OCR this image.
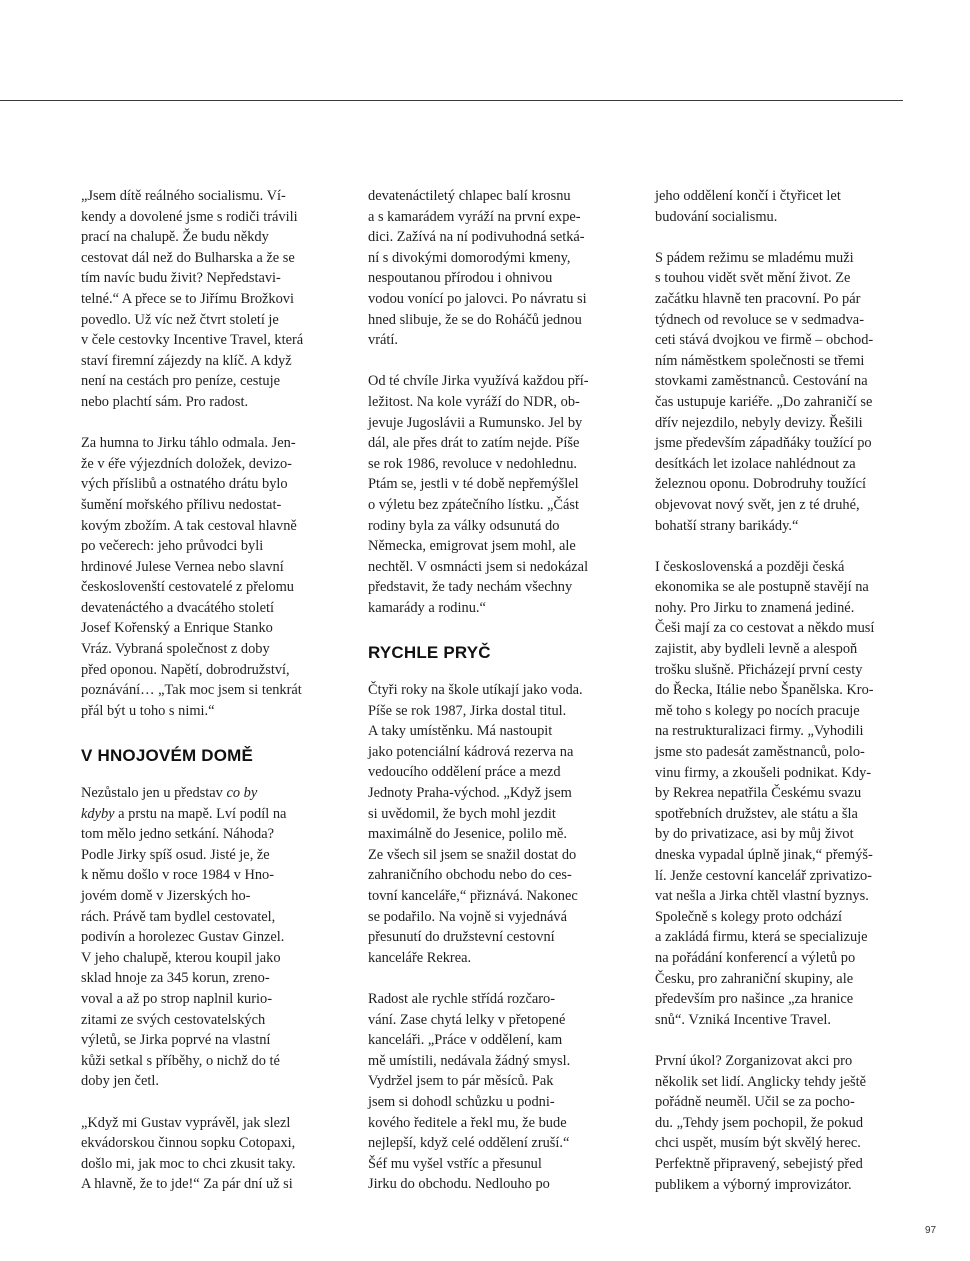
„Jsem dítě reálného socialismu. Ví-
kendy a dovolené jsme s rodiči trávili
prací na chalupě. Že budu někdy
cestovat dál než do Bulharska a že se
tím navíc budu živit? Nepředstavi-
telné.“ A přece se to Jiřímu Brožkovi
povedlo. Už víc než čtvrt století je
v čele cestovky Incentive Travel, která
staví firemní zájezdy na klíč. A když
není na cestách pro peníze, cestuje
nebo plachtí sám. Pro radost.
Za humna to Jirku táhlo odmala. Jen-
že v éře výjezdních doložek, devizo-
vých příslibů a ostnatého drátu bylo
šumění mořského přílivu nedostat-
kovým zbožím. A tak cestoval hlavně
po večerech: jeho průvodci byli
hrdinové Julese Vernea nebo slavní
českoslovenští cestovatelé z přelomu
devatenáctého a dvacátého století
Josef Kořenský a Enrique Stanko
Vráz. Vybraná společnost z doby
před oponou. Napětí, dobrodružství,
poznávání… „Tak moc jsem si tenkrát
přál být u toho s nimi.“
V HNOJOVÉM DOMĚ
Nezůstalo jen u představ co by
kdyby a prstu na mapě. Lví podíl na
tom mělo jedno setkání. Náhoda?
Podle Jirky spíš osud. Jisté je, že
k němu došlo v roce 1984 v Hno-
jovém domě v Jizerských ho-
rách. Právě tam bydlel cestovatel,
podivín a horolezec Gustav Ginzel.
V jeho chalupě, kterou koupil jako
sklad hnoje za 345 korun, zreno-
voval a až po strop naplnil kurio-
zitami ze svých cestovatelských
výletů, se Jirka poprvé na vlastní
kůži setkal s příběhy, o nichž do té
doby jen četl.
„Když mi Gustav vyprávěl, jak slezl
ekvádorskou činnou sopku Cotopaxi,
došlo mi, jak moc to chci zkusit taky.
A hlavně, že to jde!“ Za pár dní už si
devatenáctiletý chlapec balí krosnu
a s kamarádem vyráží na první expe-
dici. Zažívá na ní podivuhodná setká-
ní s divokými domorodými kmeny,
nespoutanou přírodou i ohnivou
vodou vonící po jalovci. Po návratu si
hned slibuje, že se do Roháčů jednou
vrátí.
Od té chvíle Jirka využívá každou pří-
ležitost. Na kole vyráží do NDR, ob-
jevuje Jugoslávii a Rumunsko. Jel by
dál, ale přes drát to zatím nejde. Píše
se rok 1986, revoluce v nedohlednu.
Ptám se, jestli v té době nepřemýšlel
o výletu bez zpátečního lístku. „Část
rodiny byla za války odsunutá do
Německa, emigrovat jsem mohl, ale
nechtěl. V osmnácti jsem si nedokázal
představit, že tady nechám všechny
kamarády a rodinu.“
RYCHLE PRYČ
Čtyři roky na škole utíkají jako voda.
Píše se rok 1987, Jirka dostal titul.
A taky umístěnku. Má nastoupit
jako potenciální kádrová rezerva na
vedoucího oddělení práce a mezd
Jednoty Praha-východ. „Když jsem
si uvědomil, že bych mohl jezdit
maximálně do Jesenice, polilo mě.
Ze všech sil jsem se snažil dostat do
zahraničního obchodu nebo do ces-
tovní kanceláře,“ přiznává. Nakonec
se podařilo. Na vojně si vyjednává
přesunutí do družstevní cestovní
kanceláře Rekrea.
Radost ale rychle střídá rozčaro-
vání. Zase chytá lelky v přetopené
kanceláři. „Práce v oddělení, kam
mě umístili, nedávala žádný smysl.
Vydržel jsem to pár měsíců. Pak
jsem si dohodl schůzku u podni-
kového ředitele a řekl mu, že bude
nejlepší, když celé oddělení zruší.“
Šéf mu vyšel vstříc a přesunul
Jirku do obchodu. Nedlouho po
jeho oddělení končí i čtyřicet let
budování socialismu.
S pádem režimu se mladému muži
s touhou vidět svět mění život. Ze
začátku hlavně ten pracovní. Po pár
týdnech od revoluce se v sedmadva-
ceti stává dvojkou ve firmě – obchod-
ním náměstkem společnosti se třemi
stovkami zaměstnanců. Cestování na
čas ustupuje kariéře. „Do zahraničí se
dřív nejezdilo, nebyly devizy. Řešili
jsme především západňáky toužící po
desítkách let izolace nahlédnout za
železnou oponu. Dobrodruhy toužící
objevovat nový svět, jen z té druhé,
bohatší strany barikády.“
I československá a později česká
ekonomika se ale postupně stavějí na
nohy. Pro Jirku to znamená jediné.
Češi mají za co cestovat a někdo musí
zajistit, aby bydleli levně a alespoň
trošku slušně. Přicházejí první cesty
do Řecka, Itálie nebo Španělska. Kro-
mě toho s kolegy po nocích pracuje
na restrukturalizaci firmy. „Vyhodili
jsme sto padesát zaměstnanců, polo-
vinu firmy, a zkoušeli podnikat. Kdy-
by Rekrea nepatřila Českému svazu
spotřebních družstev, ale státu a šla
by do privatizace, asi by můj život
dneska vypadal úplně jinak,“ přemýš-
lí. Jenže cestovní kancelář zprivatizo-
vat nešla a Jirka chtěl vlastní byznys.
Společně s kolegy proto odchází
a zakládá firmu, která se specializuje
na pořádání konferencí a výletů po
Česku, pro zahraniční skupiny, ale
především pro našince „za hranice
snů“. Vzniká Incentive Travel.
První úkol? Zorganizovat akci pro
několik set lidí. Anglicky tehdy ještě
pořádně neuměl. Učil se za pocho-
du. „Tehdy jsem pochopil, že pokud
chci uspět, musím být skvělý herec.
Perfektně připravený, sebejistý před
publikem a výborný improvizátor.
97
